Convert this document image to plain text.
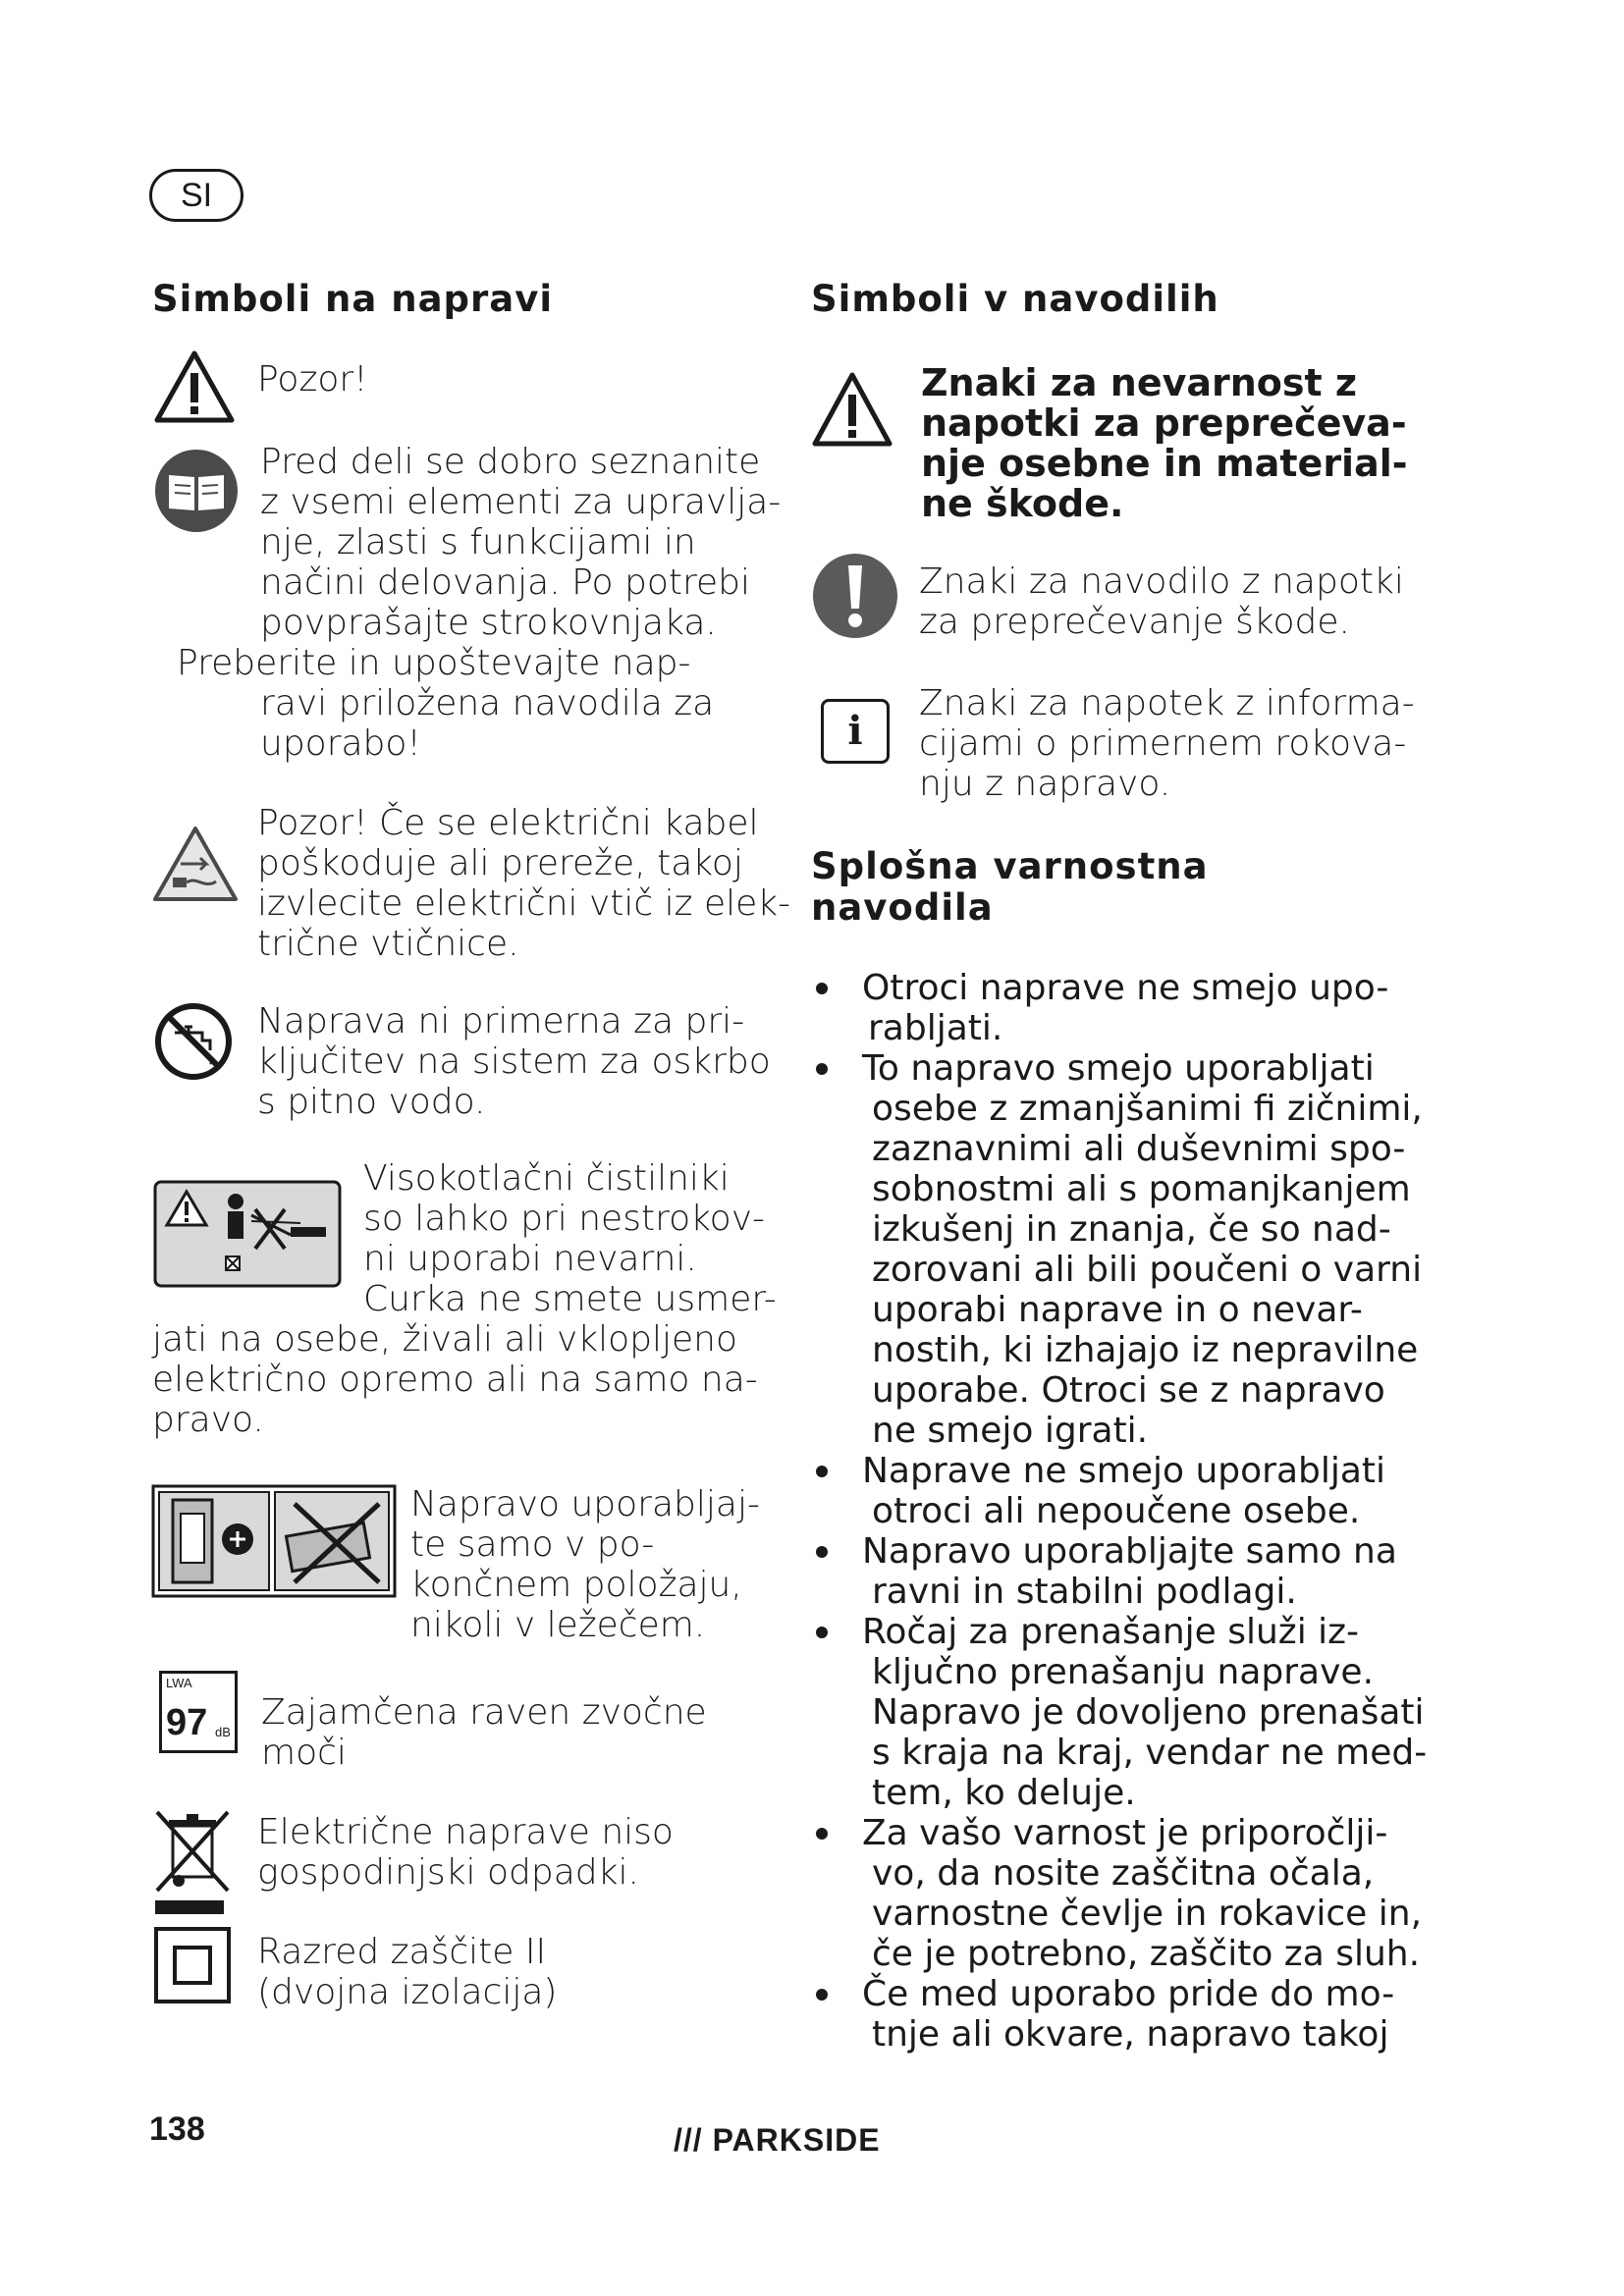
SI
Simboli na napravi
Pozor!
Pred deli se dobro seznanite
z vsemi elementi za upravlja-
nje, zlasti s funkcijami in
načini delovanja. Po potrebi
povprašajte strokovnjaka.
Preberite in upoštevajte nap-
ravi priložena navodila za
uporabo!
Pozor! Če se električni kabel
poškoduje ali prereže, takoj
izvlecite električni vtič iz elek-
trične vtičnice.
Naprava ni primerna za pri-
ključitev na sistem za oskrbo
s pitno vodo.
Visokotlačni čistilniki
so lahko pri nestrokov-
ni uporabi nevarni.
Curka ne smete usmer-
jati na osebe, živali ali vklopljeno
električno opremo ali na samo na-
pravo.
Napravo uporabljaj-
te samo v po-
končnem položaju,
nikoli v ležečem.
LWA
97 dB Zajamčena raven zvočne
moči
Električne naprave niso
gospodinjski odpadki.
Razred zaščite II
(dvojna izolacija)
Simboli v navodilih
Znaki za nevarnost z
napotki za preprečeva-
nje osebne in material-
ne škode.
Znaki za navodilo z napotki
za preprečevanje škode.
i
Znaki za napotek z informa-
cijami o primernem rokova-
nju z napravo.
Splošna varnostna
navodila
Otroci naprave ne smejo upo-
rabljati.
To napravo smejo uporabljati
osebe z zmanjšanimi fi zičnimi,
zaznavnimi ali duševnimi spo-
sobnostmi ali s pomanjkanjem
izkušenj in znanja, če so nad-
zorovani ali bili poučeni o varni
uporabi naprave in o nevar-
nostih, ki izhajajo iz nepravilne
uporabe. Otroci se z napravo
ne smejo igrati.
Naprave ne smejo uporabljati
otroci ali nepoučene osebe.
Napravo uporabljajte samo na
ravni in stabilni podlagi.
Ročaj za prenašanje služi iz-
ključno prenašanju naprave.
Napravo je dovoljeno prenašati
s kraja na kraj, vendar ne med-
tem, ko deluje.
Za vašo varnost je priporočlji-
vo, da nosite zaščitna očala,
varnostne čevlje in rokavice in,
če je potrebno, zaščito za sluh.
Če med uporabo pride do mo-
tnje ali okvare, napravo takoj
138	/// PARKSIDE
